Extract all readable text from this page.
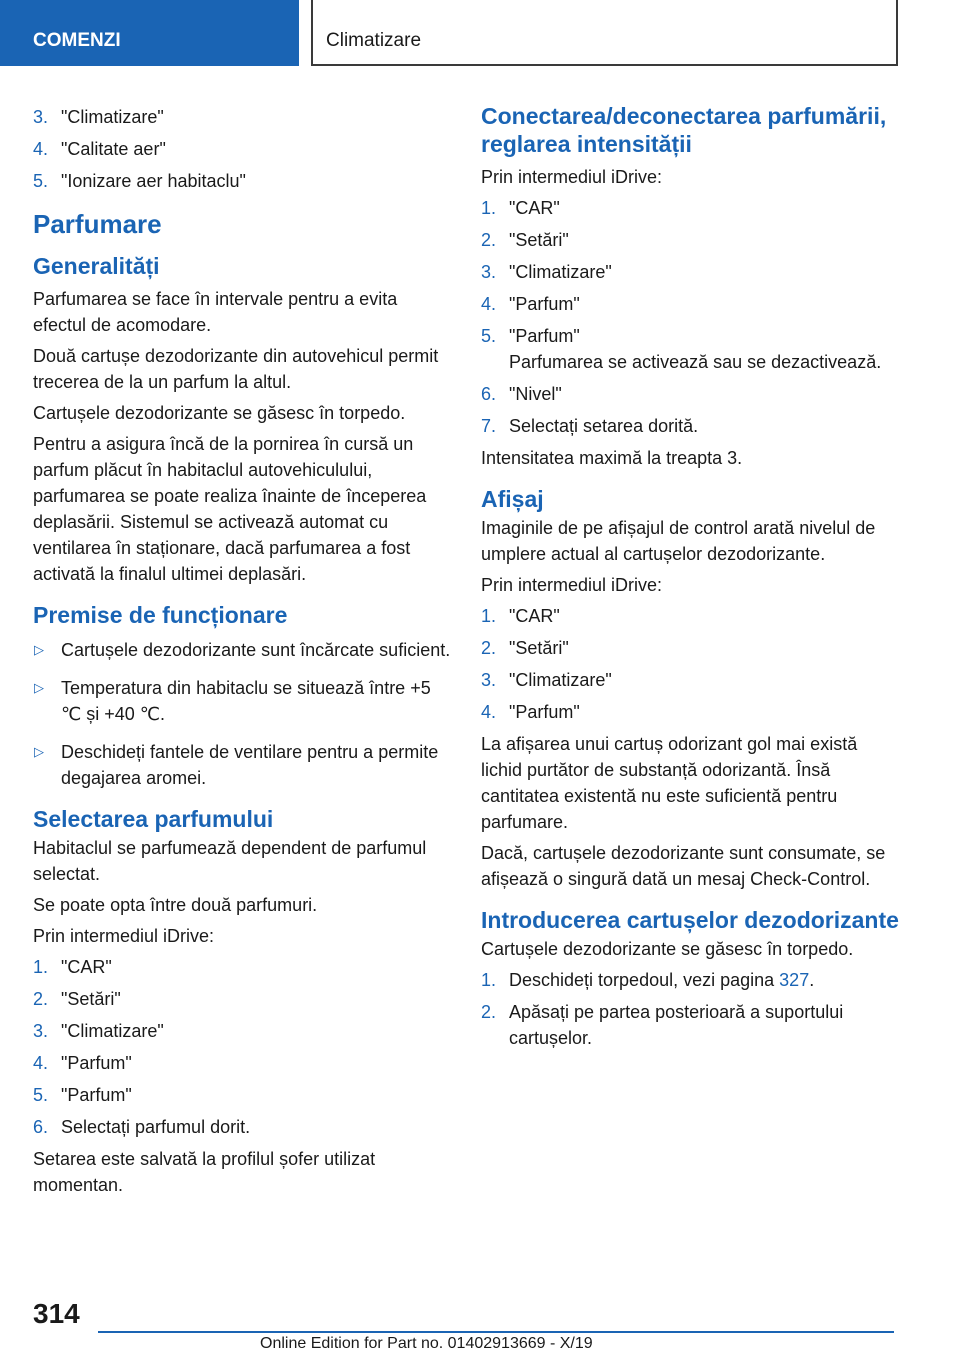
COMENZI	Climatizare
3. "Climatizare"
4. "Calitate aer"
5. "Ionizare aer habitaclu"
Parfumare
Generalități

Parfumarea se face în intervale pentru a evita efectul de acomodare.

Două cartușe dezodorizante din autovehicul permit trecerea de la un parfum la altul.

Cartușele dezodorizante se găsesc în torpedo.

Pentru a asigura încă de la pornirea în cursă un parfum plăcut în habitaclul autovehiculului, parfumarea se poate realiza înainte de începerea deplasării. Sistemul se activează automat cu ventilarea în staționare, dacă parfumarea a fost activată la finalul ultimei deplasări.

Premise de funcționare
▷ Cartușele dezodorizante sunt încărcate suficient.
▷ Temperatura din habitaclu se situează între +5 ℃ și +40 ℃.
▷ Deschideți fantele de ventilare pentru a permite degajarea aromei.
Selectarea parfumului

Habitaclul se parfumează dependent de parfumul selectat.

Se poate opta între două parfumuri.

Prin intermediul iDrive:

1. "CAR"
2. "Setări"
3. "Climatizare"
4. "Parfum"
5. "Parfum"
6. Selectați parfumul dorit.

Setarea este salvată la profilul șofer utilizat momentan.

Conectarea/deconectarea parfumării, reglarea intensității

Prin intermediul iDrive:

1. "CAR"
2. "Setări"
3. "Climatizare"
4. "Parfum"
5. "Parfum"
Parfumarea se activează sau se dezactivează.
6. "Nivel"
7. Selectați setarea dorită.

Intensitatea maximă la treapta 3.

Afișaj

Imaginile de pe afișajul de control arată nivelul de umplere actual al cartușelor dezodorizante.

Prin intermediul iDrive:

1. "CAR"
2. "Setări"
3. "Climatizare"
4. "Parfum"

La afișarea unui cartuș odorizant gol mai există lichid purtător de substanță odorizantă. Însă cantitatea existentă nu este suficientă pentru parfumare.

Dacă, cartușele dezodorizante sunt consumate, se afișează o singură dată un mesaj Check-Control.

Introducerea cartușelor dezodorizante

Cartușele dezodorizante se găsesc în torpedo.

1. Deschideți torpedoul, vezi pagina 327.
2. Apăsați pe partea posterioară a suportului cartușelor.
314
Online Edition for Part no. 01402913669 - X/19
